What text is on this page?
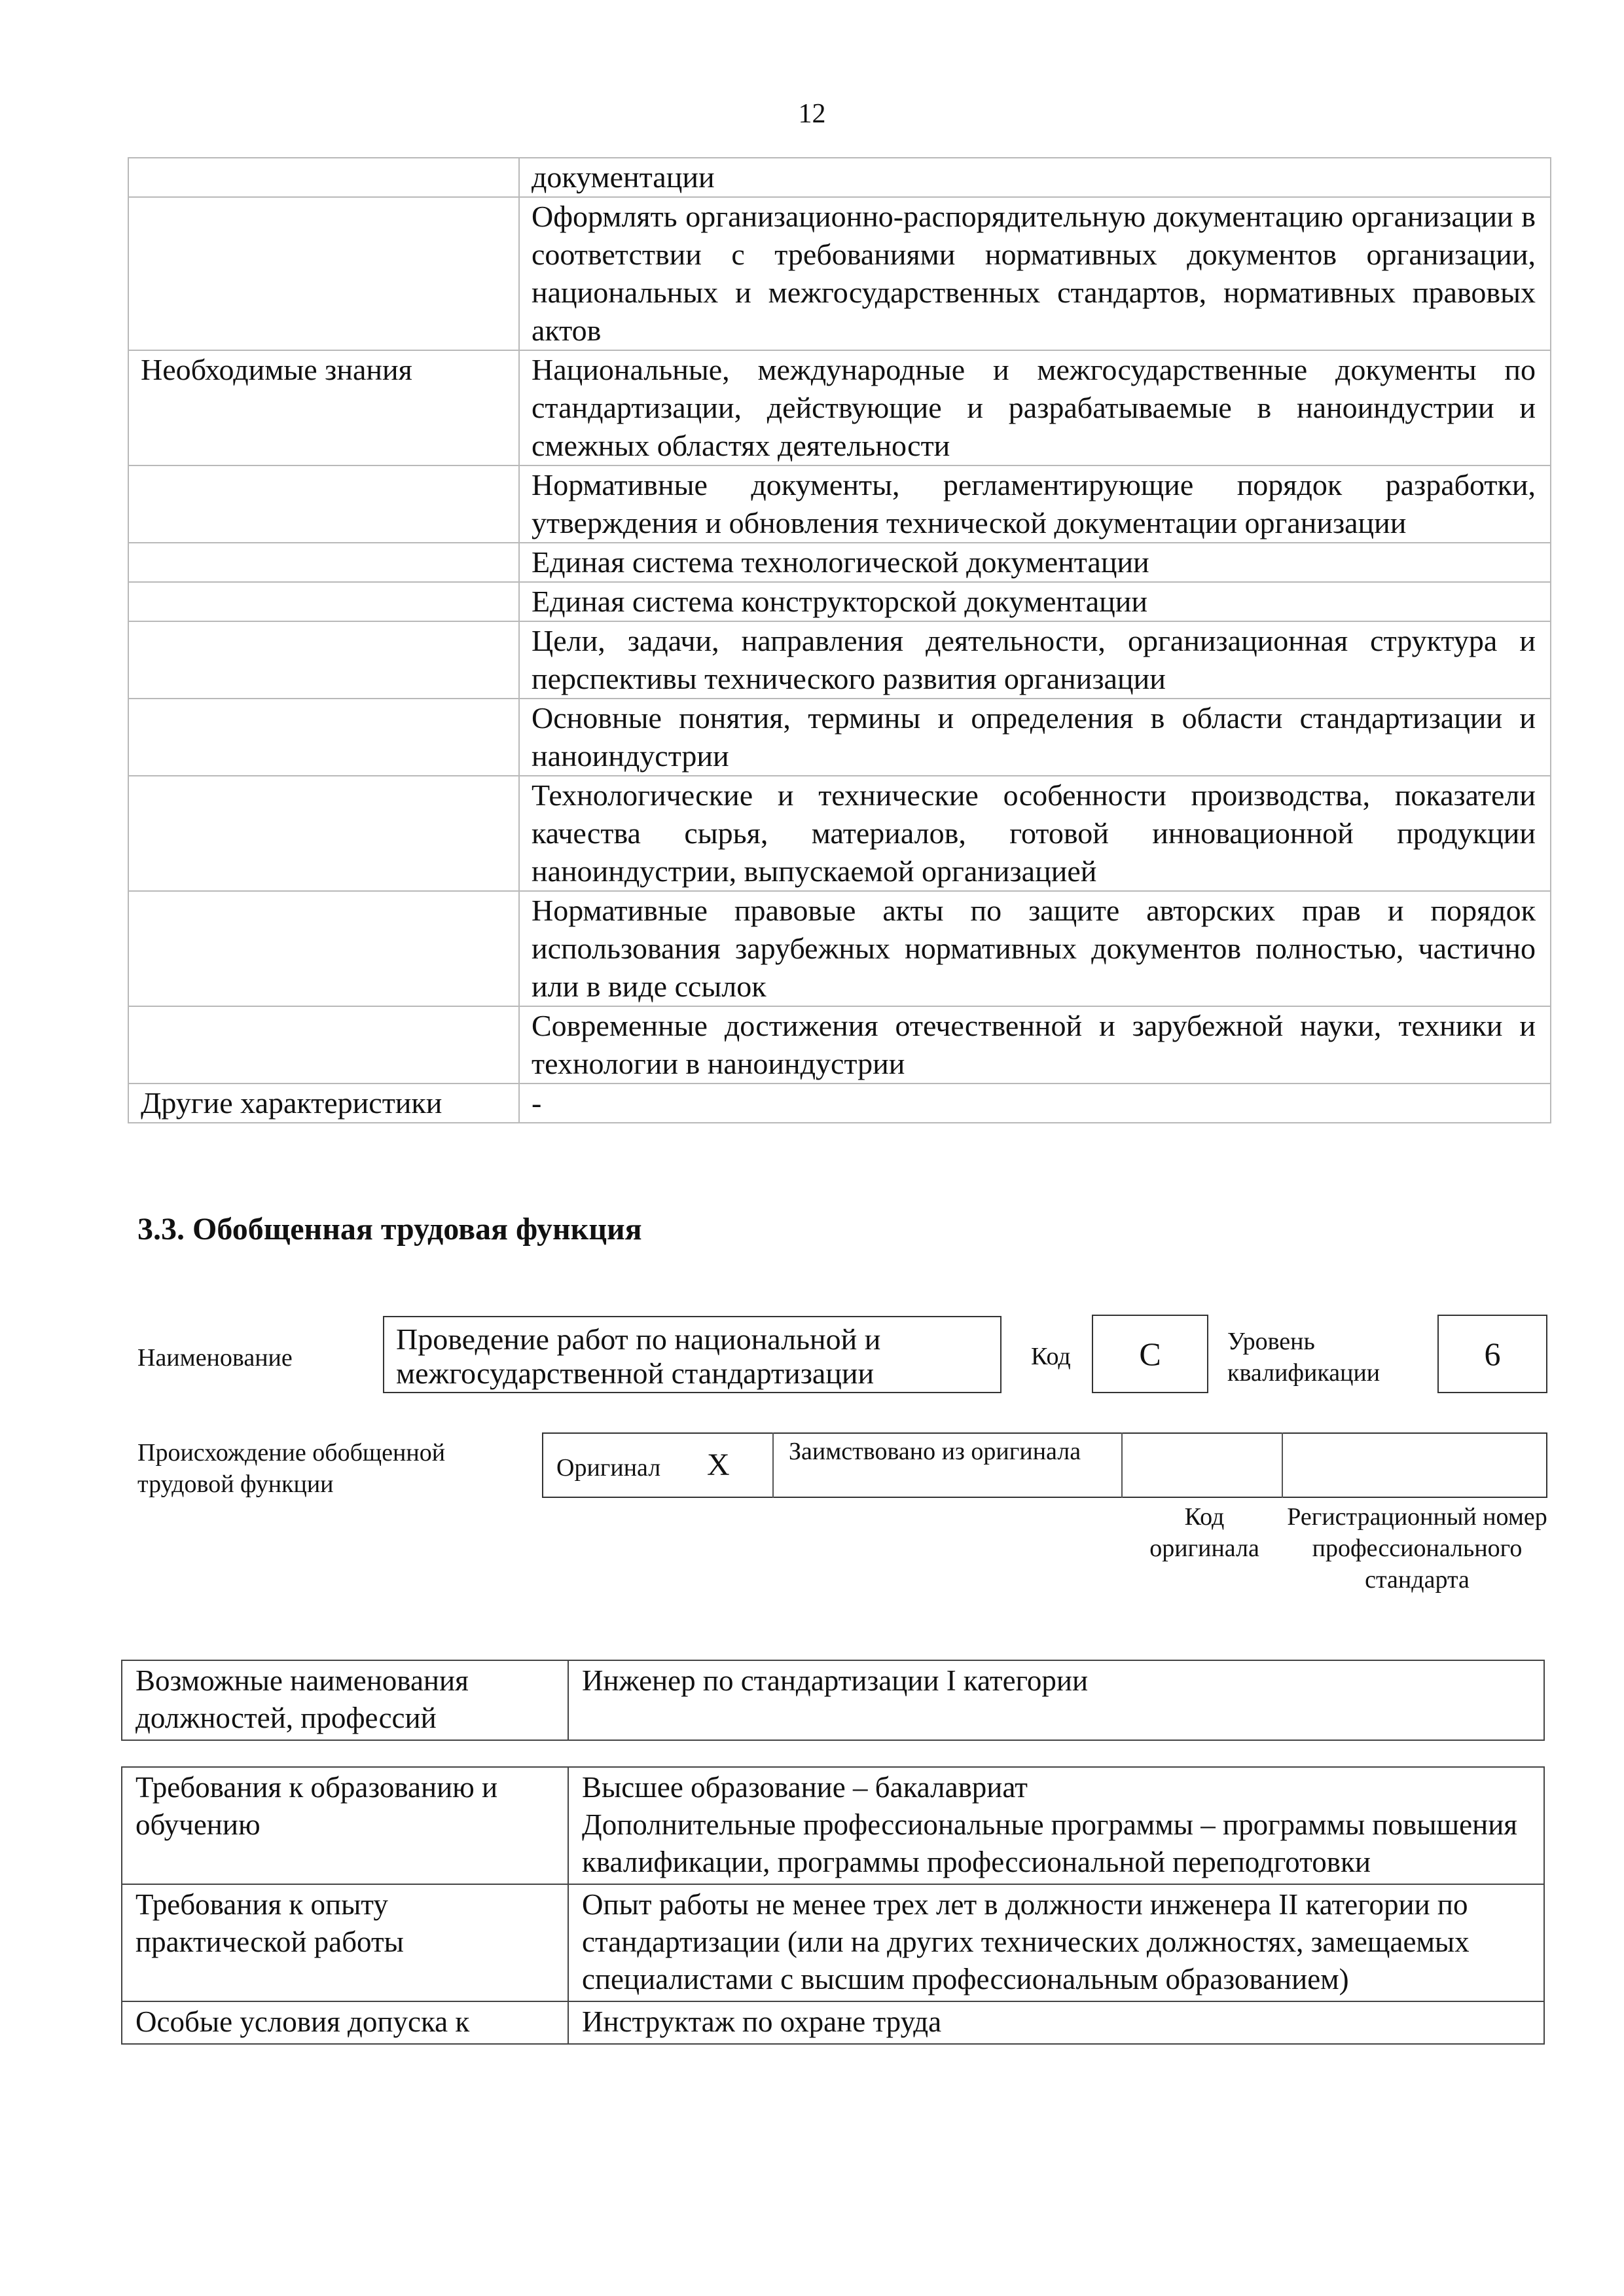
12
	документации
	Оформлять организационно-распорядительную документацию организации в соответствии с требованиями нормативных документов организации, национальных и межгосударственных стандартов, нормативных правовых актов
Необходимые знания	Национальные, международные и межгосударственные документы по стандартизации, действующие и разрабатываемые в наноиндустрии и смежных областях деятельности
	Нормативные документы, регламентирующие порядок разработки, утверждения и обновления технической документации организации
	Единая система технологической документации
	Единая система конструкторской документации
	Цели, задачи, направления деятельности, организационная структура и перспективы технического развития организации
	Основные понятия, термины и определения в области стандартизации и наноиндустрии
	Технологические и технические особенности производства, показатели качества сырья, материалов, готовой инновационной продукции наноиндустрии, выпускаемой организацией
	Нормативные правовые акты по защите авторских прав и порядок использования зарубежных нормативных документов полностью, частично или в виде ссылок
	Современные достижения отечественной и зарубежной науки, техники и технологии в наноиндустрии
Другие характеристики	-
3.3. Обобщенная трудовая функция
Наименование
Проведение работ по национальной и межгосударственной стандартизации	Код	C	Уровень квалификации
6
Происхождение обобщенной трудовой функции
Оригинал X Заимствовано из оригинала
Код оригинала
Регистрационный номер профессионального стандарта
Возможные наименования должностей, профессий	Инженер по стандартизации I категории
Требования к образованию и обучению	Высшее образование – бакалавриат
Дополнительные профессиональные программы – программы повышения квалификации, программы профессиональной переподготовки

Требования к опыту практической работы	Опыт работы не менее трех лет в должности инженера II категории по стандартизации (или на других технических должностях, замещаемых специалистами с высшим профессиональным образованием)

Особые условия допуска к	Инструктаж по охране труда
